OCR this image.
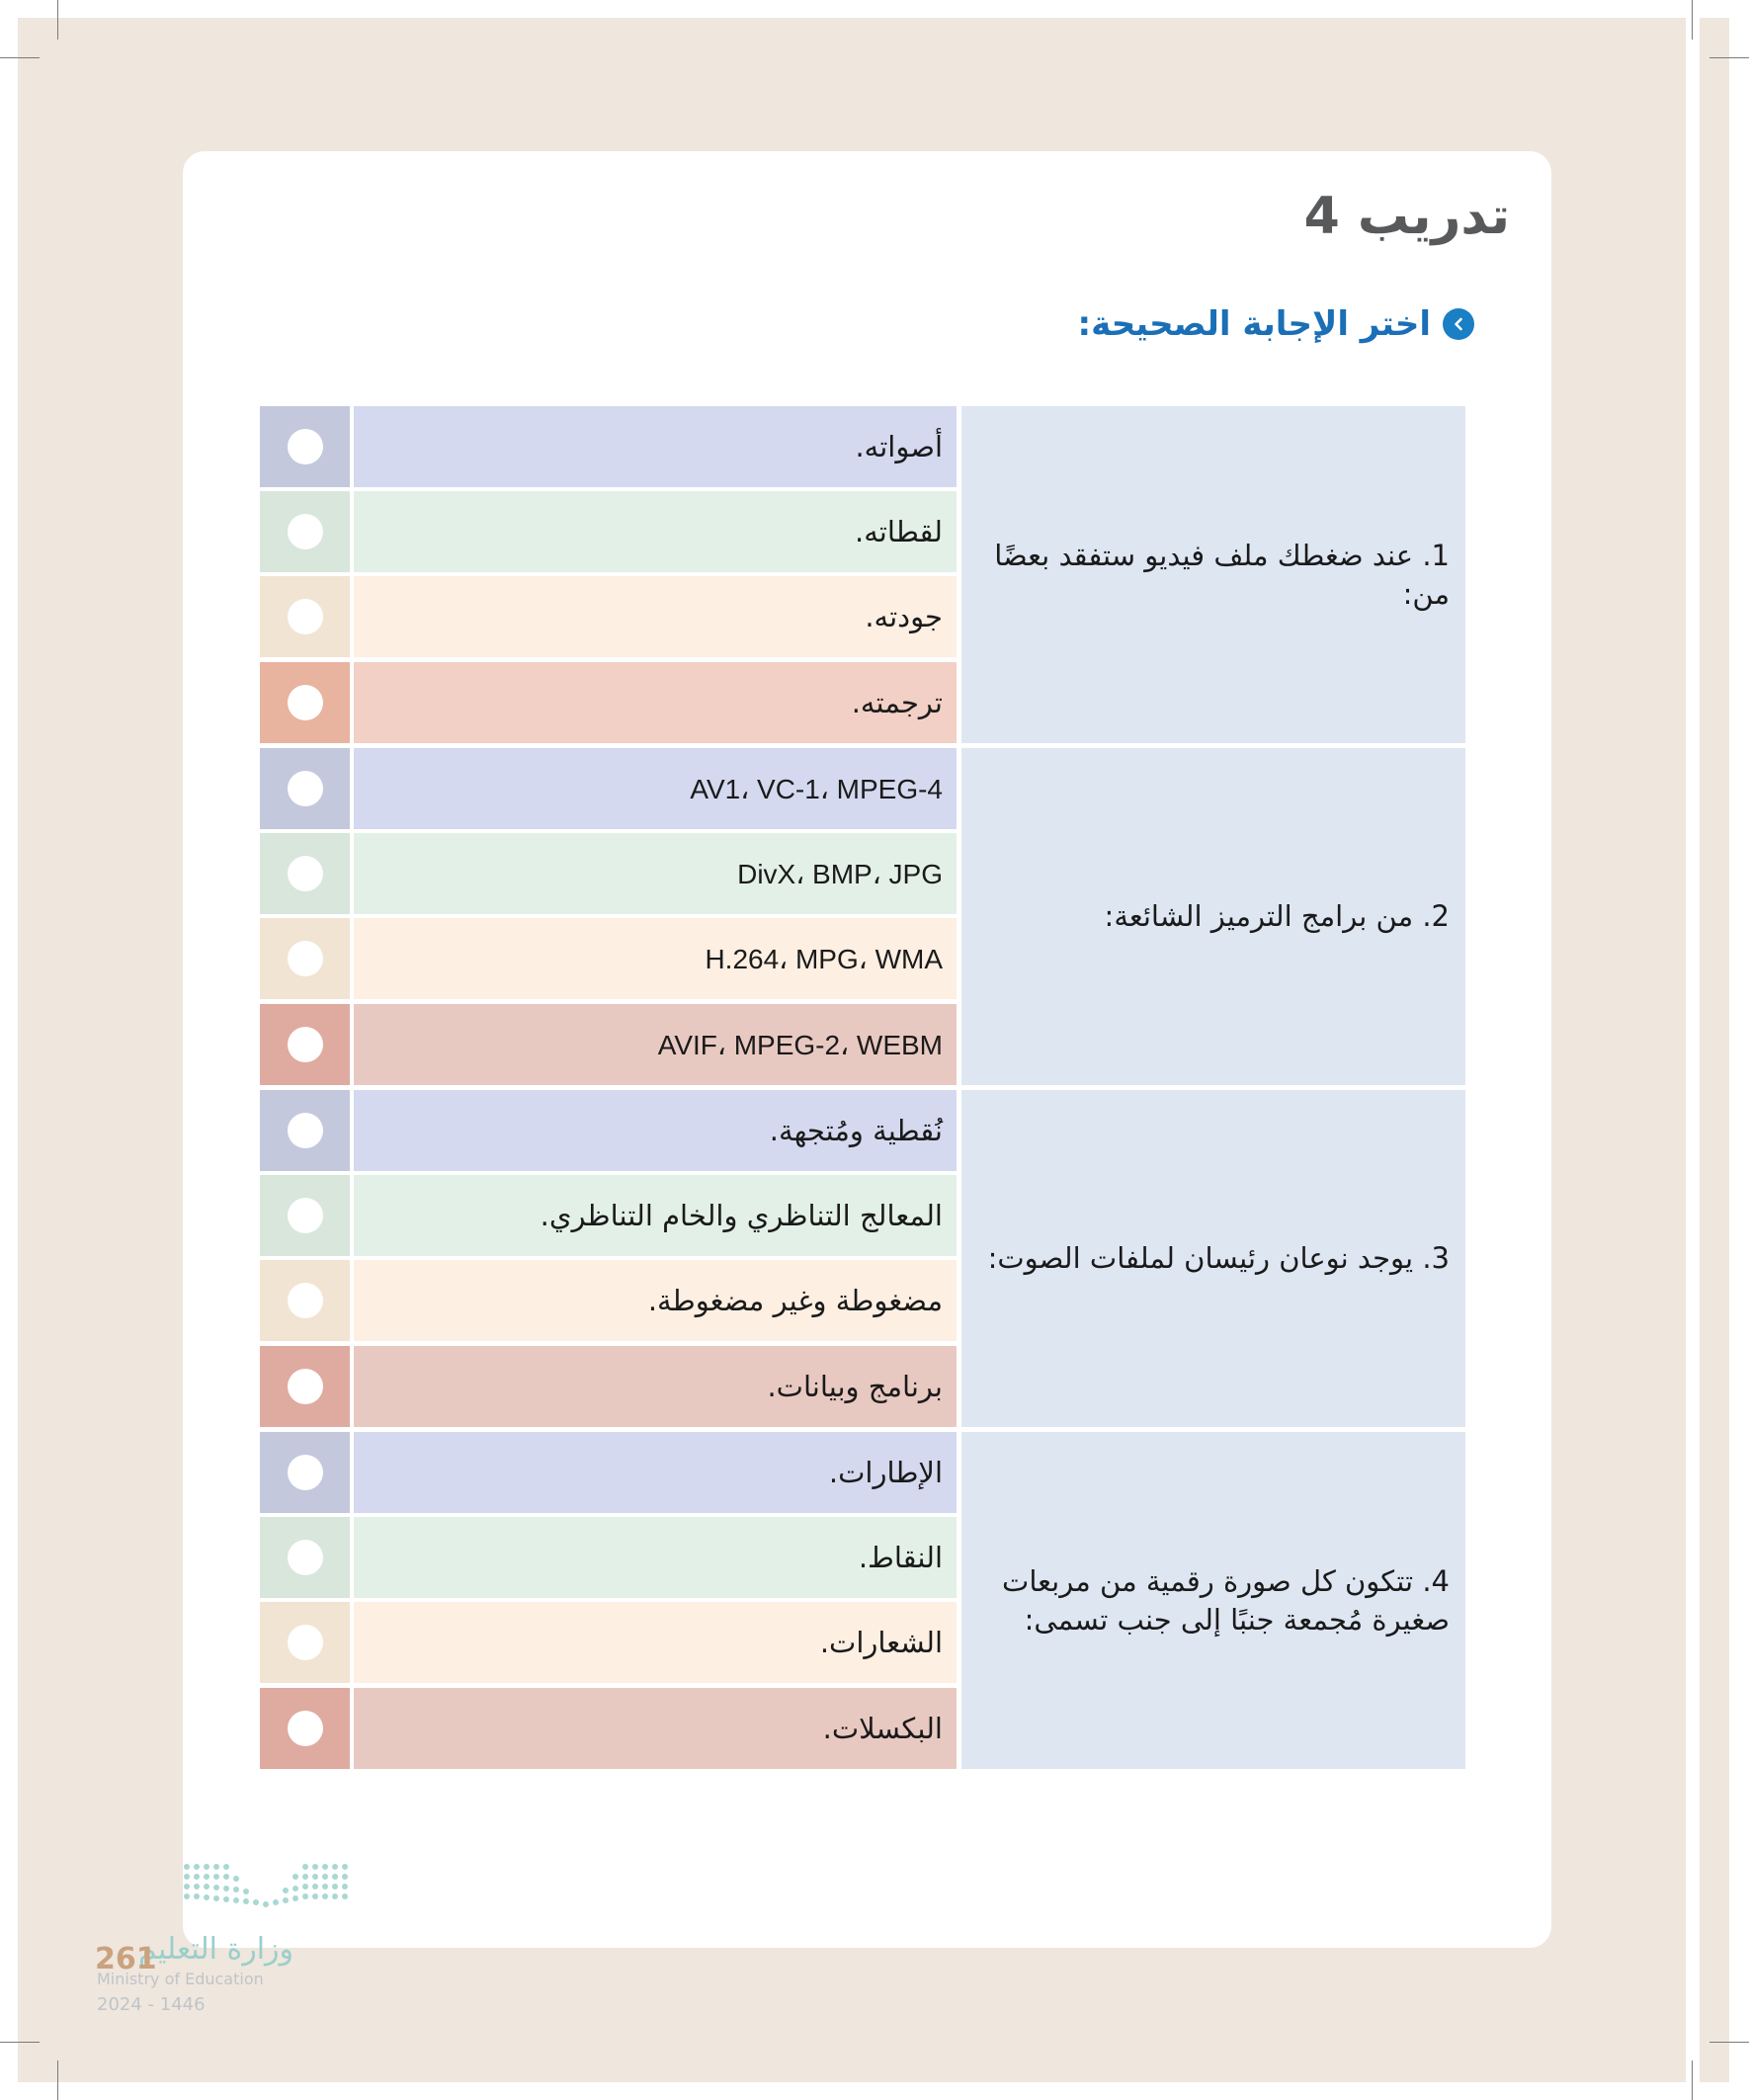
تدريب 4
اختر الإجابة الصحيحة:
1. عند ضغطك ملف فيديو ستفقد بعضًا من:
أصواته.
لقطاته.
جودته.
ترجمته.
2. من برامج الترميز الشائعة:
AV1، VC-1، MPEG-4
DivX، BMP، JPG
H.264، MPG، WMA
AVIF، MPEG-2، WEBM
3. يوجد نوعان رئيسان لملفات الصوت:
نُقطية ومُتجهة.
المعالج التناظري والخام التناظري.
مضغوطة وغير مضغوطة.
برنامج وبيانات.
4. تتكون كل صورة رقمية من مربعات صغيرة مُجمعة جنبًا إلى جنب تسمى:
الإطارات.
النقاط.
الشعارات.
البكسلات.

وزارة التعليم

261

Ministry of Education

2024 - 1446
